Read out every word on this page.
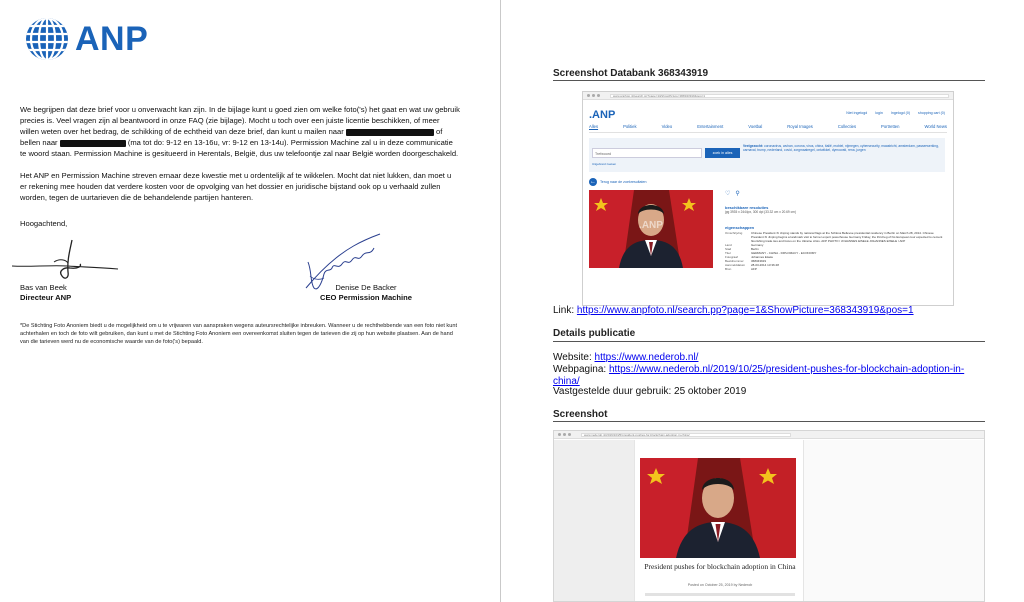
ANP

We begrijpen dat deze brief voor u onverwacht kan zijn. In de bijlage kunt u goed zien om welke foto('s) het gaat en wat uw gebruik precies is. Veel vragen zijn al beantwoord in onze FAQ (zie bijlage). Mocht u toch over een juiste licentie beschikken, of meer willen weten over het bedrag, de schikking of de echtheid van deze brief, dan kunt u mailen naar	of bellen naar	(ma tot do: 9-12 en 13-16u, vr: 9-12 en 13-14u). Permission Machine zal u in deze communicatie te woord staan. Permission Machine is gesitueerd in Herentals, België, dus uw telefoontje zal naar België worden doorgeschakeld.

Het ANP en Permission Machine streven ernaar deze kwestie met u ordentelijk af te wikkelen. Mocht dat niet lukken, dan moet u er rekening mee houden dat verdere kosten voor de opvolging van het dossier en juridische bijstand ook op u verhaald zullen worden, tegen de uurtarieven die de behandelende partijen hanteren.

Hoogachtend,
Bas van Beek
Directeur ANP
Denise De Backer
CEO Permission Machine
*De Stichting Foto Anoniem biedt u de mogelijkheid om u te vrijwaren van aanspraken wegens auteursrechtelijke inbreuken. Wanneer u de rechthebbende van een foto niet kunt achterhalen en toch de foto wilt gebruiken, dan kunt u met de Stichting Foto Anoniem een overeenkomst sluiten tegen de tarieven die zij op hun website plaatsen. Aan de hand van die tarieven werd nu de economische waarde van de foto('s) bepaald.
Screenshot Databank 368343919
www.anpfoto.nl/search.pp?page=1&ShowPicture=368343919&pos=1
.ANP	Niet ingelogd login Ingelogd (0) shopping cart (0)
Alles	Politiek	Video	Entertainment	Voetbal	Royal Images	Collecties	Portretten	World News
Trefwoord	zoek in alles
Veelgezocht: coronavirus, wuhan, corona, virus, china, italië, mobiel, nijmegen, cybersecurity, maastricht, amsterdam, passerwerking, carnaval, trump, nederland, covid, zorgmaatregel, ontwikkel, dymocrati, rena, jurgen
Uitgebreid zoeken
← Terug naar de zoekresultaten
.ANP
♡ ⚲
beschikbare resoluties
jpg 3935 x 2444px, 300 dpi (33.32 cm x 20.69 cm)
eigenschappen
Omschrijving	Chinese President Xi Jinping stands by national flags at the Schloss Bellevue presidential residency in Berlin on March 28, 2014. Chinese President Xi Jinping begins a landmark visit to former export powerhouse Germany Friday, the third leg of his European tour expected to cement flourishing trade ties and focus on the Ukraine crisis. AFP PHOTO / JOHANNES EISELE JOHANNES EISELE / AFP
Land	Germany
Stad	Berlin
Titel	GERMANY - CHINA - DIPLOMACY - ECONOMY
Fotograaf	Johannes Eisele
Beeldnummer	368343919
Aanmelddatum	28-03-2014 13:36:48
Bron	AFP
Link: https://www.anpfoto.nl/search.pp?page=1&ShowPicture=368343919&pos=1
Details publicatie
Website: https://www.nederob.nl/
Webpagina: https://www.nederob.nl/2019/10/25/president-pushes-for-blockchain-adoption-in-
china/
Vastgestelde duur gebruik: 25 oktober 2019
Screenshot
www.nederob.nl/2019/10/25/president-pushes-for-blockchain-adoption-in-china/
President pushes for blockchain adoption in China
Posted on October 25, 2019 by Nederob
